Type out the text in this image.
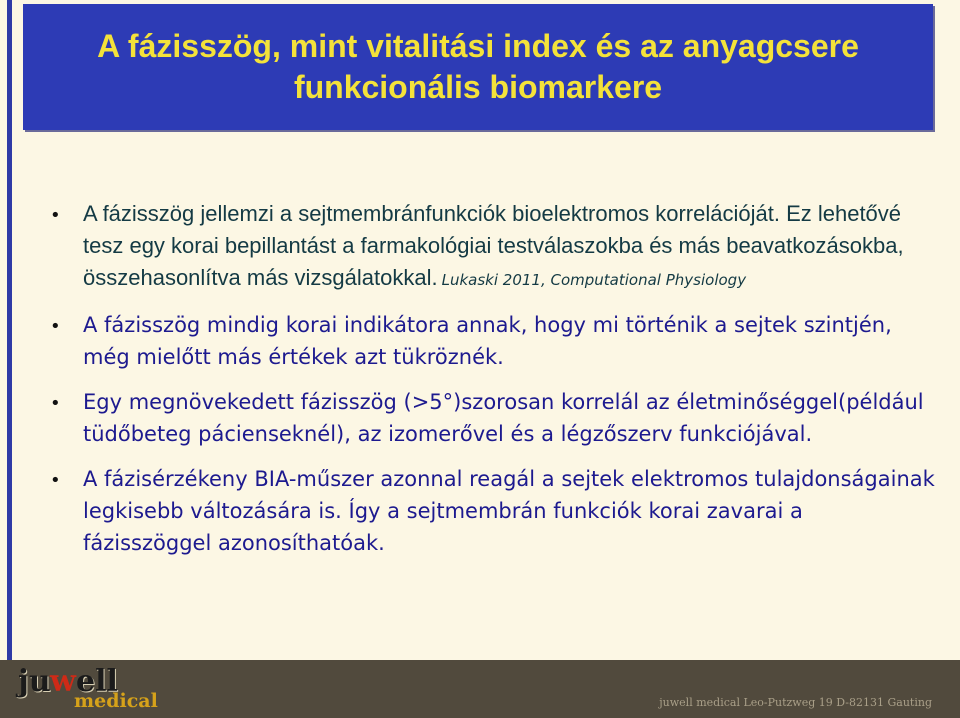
A fázisszög, mint vitalitási index és az anyagcsere
funkcionális biomarkere
• A fázisszög jellemzi a sejtmembránfunkciók bioelektromos korrelációját. Ez lehetővé tesz egy korai bepillantást a farmakológiai testválaszokba és más beavatkozásokba, összehasonlítva más vizsgálatokkal. Lukaski 2011, Computational Physiology
• A fázisszög mindig korai indikátora annak, hogy mi történik a sejtek szintjén, még mielőtt más értékek azt tükröznék.
• Egy megnövekedett fázisszög (>5°)szorosan korrelál az életminőséggel(például tüdőbeteg pácienseknél), az izomerővel és a légzőszerv funkciójával.
• A fázisérzékeny BIA-műszer azonnal reagál a sejtek elektromos tulajdonságainak legkisebb változására is. Így a sejtmembrán funkciók korai zavarai a fázisszöggel azonosíthatóak.
ju w ell
medical	juwell medical Leo-Putzweg 19 D-82131 Gauting
